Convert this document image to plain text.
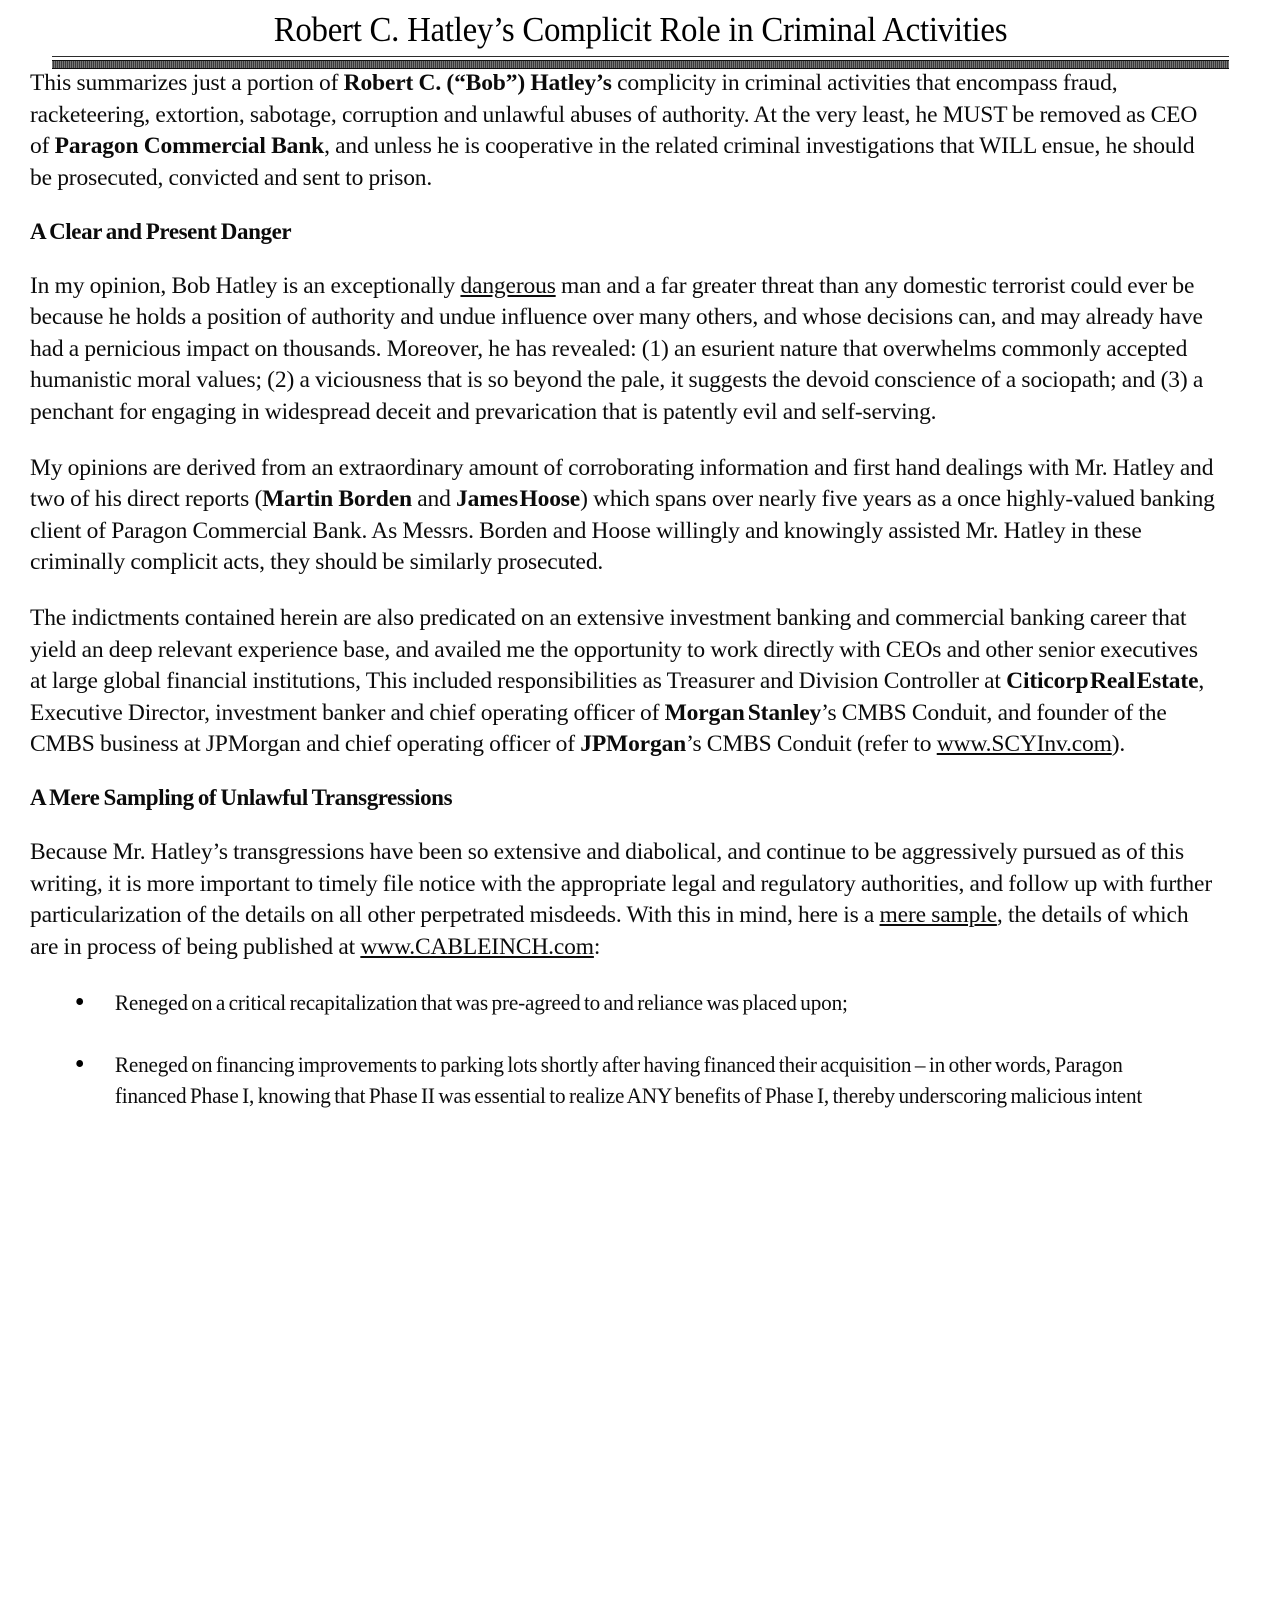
Robert C. Hatley’s Complicit Role in Criminal Activities

This summarizes just a portion of Robert C. (“Bob”) Hatley’s complicity in criminal activities that encompass fraud, racketeering, extortion, sabotage, corruption and unlawful abuses of authority. At the very least, he MUST be removed as CEO of Paragon Commercial Bank, and unless he is cooperative in the related criminal investigations that WILL ensue, he should be prosecuted, convicted and sent to prison.

A Clear and Present Danger

In my opinion, Bob Hatley is an exceptionally dangerous man and a far greater threat than any domestic terrorist could ever be because he holds a position of authority and undue influence over many others, and whose decisions can, and may already have had a pernicious impact on thousands. Moreover, he has revealed: (1) an esurient nature that overwhelms commonly accepted humanistic moral values; (2) a viciousness that is so beyond the pale, it suggests the devoid conscience of a sociopath; and (3) a penchant for engaging in widespread deceit and prevarication that is patently evil and self-serving.

My opinions are derived from an extraordinary amount of corroborating information and first hand dealings with Mr. Hatley and two of his direct reports (Martin Borden and James Hoose) which spans over nearly five years as a once highly-valued banking client of Paragon Commercial Bank. As Messrs. Borden and Hoose willingly and knowingly assisted Mr. Hatley in these criminally complicit acts, they should be similarly prosecuted.

The indictments contained herein are also predicated on an extensive investment banking and commercial banking career that yield an deep relevant experience base, and availed me the opportunity to work directly with CEOs and other senior executives at large global financial institutions, This included responsibilities as Treasurer and Division Controller at Citicorp Real Estate, Executive Director, investment banker and chief operating officer of Morgan Stanley’s CMBS Conduit, and founder of the CMBS business at JPMorgan and chief operating officer of JPMorgan’s CMBS Conduit (refer to www.SCYInv.com).

A Mere Sampling of Unlawful Transgressions

Because Mr. Hatley’s transgressions have been so extensive and diabolical, and continue to be aggressively pursued as of this writing, it is more important to timely file notice with the appropriate legal and regulatory authorities, and follow up with further particularization of the details on all other perpetrated misdeeds. With this in mind, here is a mere sample, the details of which are in process of being published at www.CABLEINCH.com:

Reneged on a critical recapitalization that was pre-agreed to and reliance was placed upon;
Reneged on financing improvements to parking lots shortly after having financed their acquisition – in other words, Paragon financed Phase I, knowing that Phase II was essential to realize ANY benefits of Phase I, thereby underscoring malicious intent
